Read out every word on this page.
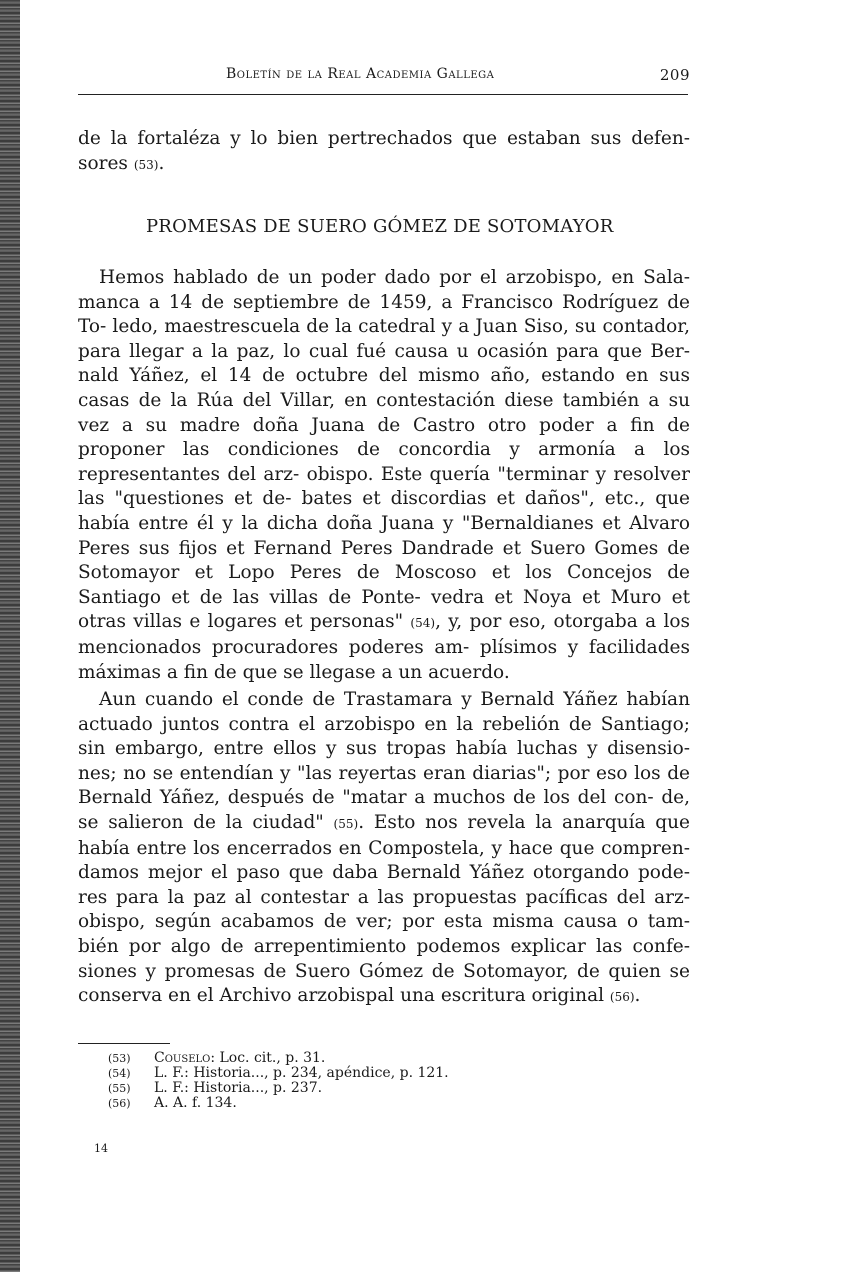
Boletín de la Real Academia Gallega	209
de la fortaléza y lo bien pertrechados que estaban sus defen- sores (53).
PROMESAS DE SUERO GÓMEZ DE SOTOMAYOR
Hemos hablado de un poder dado por el arzobispo, en Sala- manca a 14 de septiembre de 1459, a Francisco Rodríguez de To- ledo, maestrescuela de la catedral y a Juan Siso, su contador, para llegar a la paz, lo cual fué causa u ocasión para que Ber- nald Yáñez, el 14 de octubre del mismo año, estando en sus casas de la Rúa del Villar, en contestación diese también a su vez a su madre doña Juana de Castro otro poder a fin de proponer las condiciones de concordia y armonía a los representantes del arz- obispo. Este quería "terminar y resolver las "questiones et de- bates et discordias et daños", etc., que había entre él y la dicha doña Juana y "Bernaldianes et Alvaro Peres sus fijos et Fernand Peres Dandrade et Suero Gomes de Sotomayor et Lopo Peres de Moscoso et los Concejos de Santiago et de las villas de Ponte- vedra et Noya et Muro et otras villas e logares et personas" (54), y, por eso, otorgaba a los mencionados procuradores poderes am- plísimos y facilidades máximas a fin de que se llegase a un acuerdo.
Aun cuando el conde de Trastamara y Bernald Yáñez habían actuado juntos contra el arzobispo en la rebelión de Santiago; sin embargo, entre ellos y sus tropas había luchas y disensio- nes; no se entendían y "las reyertas eran diarias"; por eso los de Bernald Yáñez, después de "matar a muchos de los del con- de, se salieron de la ciudad" (55). Esto nos revela la anarquía que había entre los encerrados en Compostela, y hace que compren- damos mejor el paso que daba Bernald Yáñez otorgando pode- res para la paz al contestar a las propuestas pacíficas del arz- obispo, según acabamos de ver; por esta misma causa o tam- bién por algo de arrepentimiento podemos explicar las confe- siones y promesas de Suero Gómez de Sotomayor, de quien se conserva en el Archivo arzobispal una escritura original (56).
(53) Couselo: Loc. cit., p. 31.
(54) L. F.: Historia..., p. 234, apéndice, p. 121.
(55) L. F.: Historia..., p. 237.
(56) A. A. f. 134.
14
